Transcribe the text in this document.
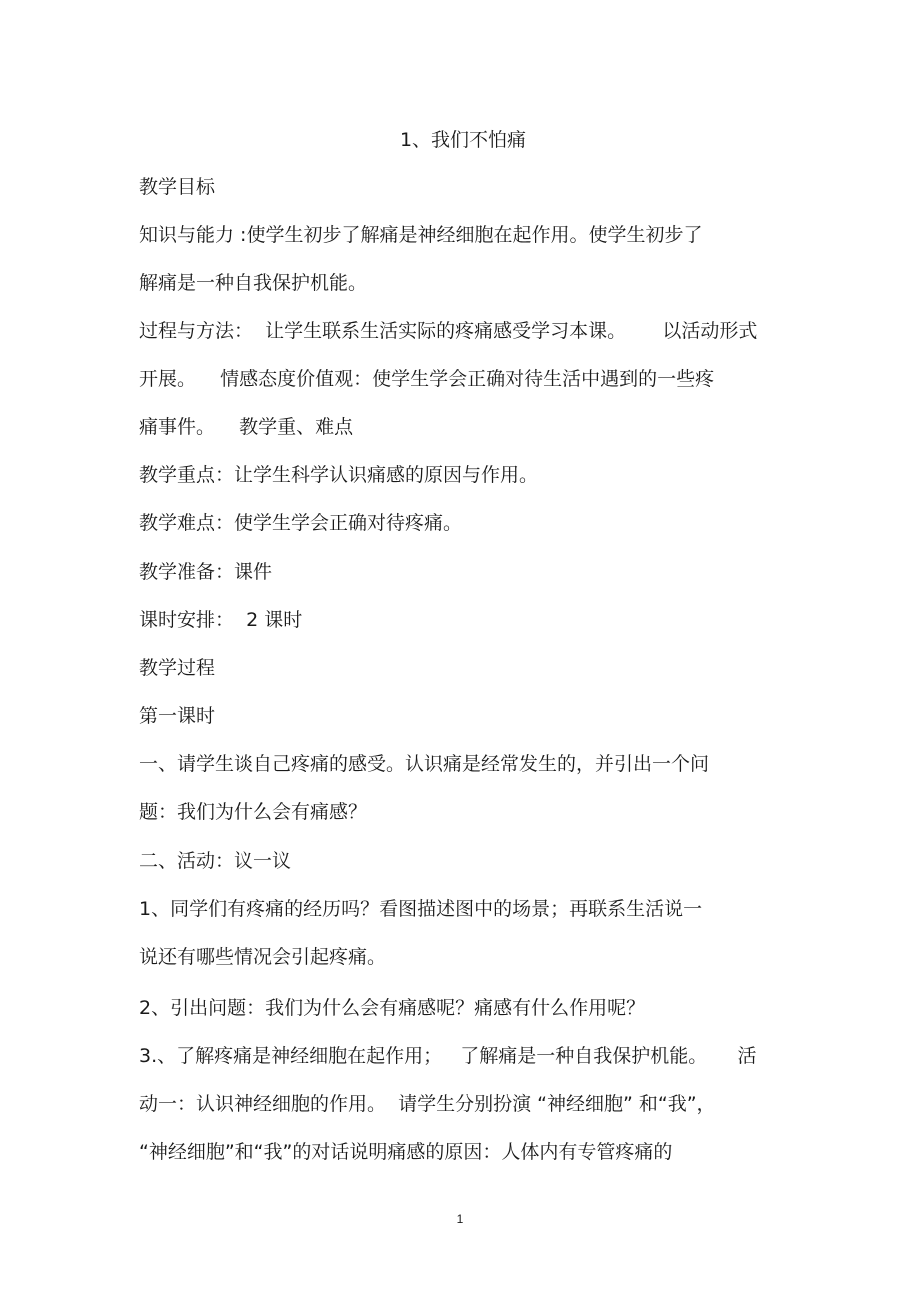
1、我们不怕痛
教学目标
知识与能力 :使学生初步了解痛是神经细胞在起作用。使学生初步了
解痛是一种自我保护机能。
过程与方法：  让学生联系生活实际的疼痛感受学习本课。      以活动形式
开展。    情感态度价值观：使学生学会正确对待生活中遇到的一些疼
痛事件。    教学重、难点
教学重点：让学生科学认识痛感的原因与作用。
教学难点：使学生学会正确对待疼痛。
教学准备：课件
课时安排：  2 课时
教学过程
第一课时
一、请学生谈自己疼痛的感受。认识痛是经常发生的，并引出一个问
题：我们为什么会有痛感？
二、活动：议一议
1、同学们有疼痛的经历吗？看图描述图中的场景；再联系生活说一
说还有哪些情况会引起疼痛。
2、引出问题：我们为什么会有痛感呢？痛感有什么作用呢？
3.、了解疼痛是神经细胞在起作用；   了解痛是一种自我保护机能。     活
动一：认识神经细胞的作用。  请学生分别扮演 “神经细胞” 和“我”，
“神经细胞”和“我”的对话说明痛感的原因：人体内有专管疼痛的
1
